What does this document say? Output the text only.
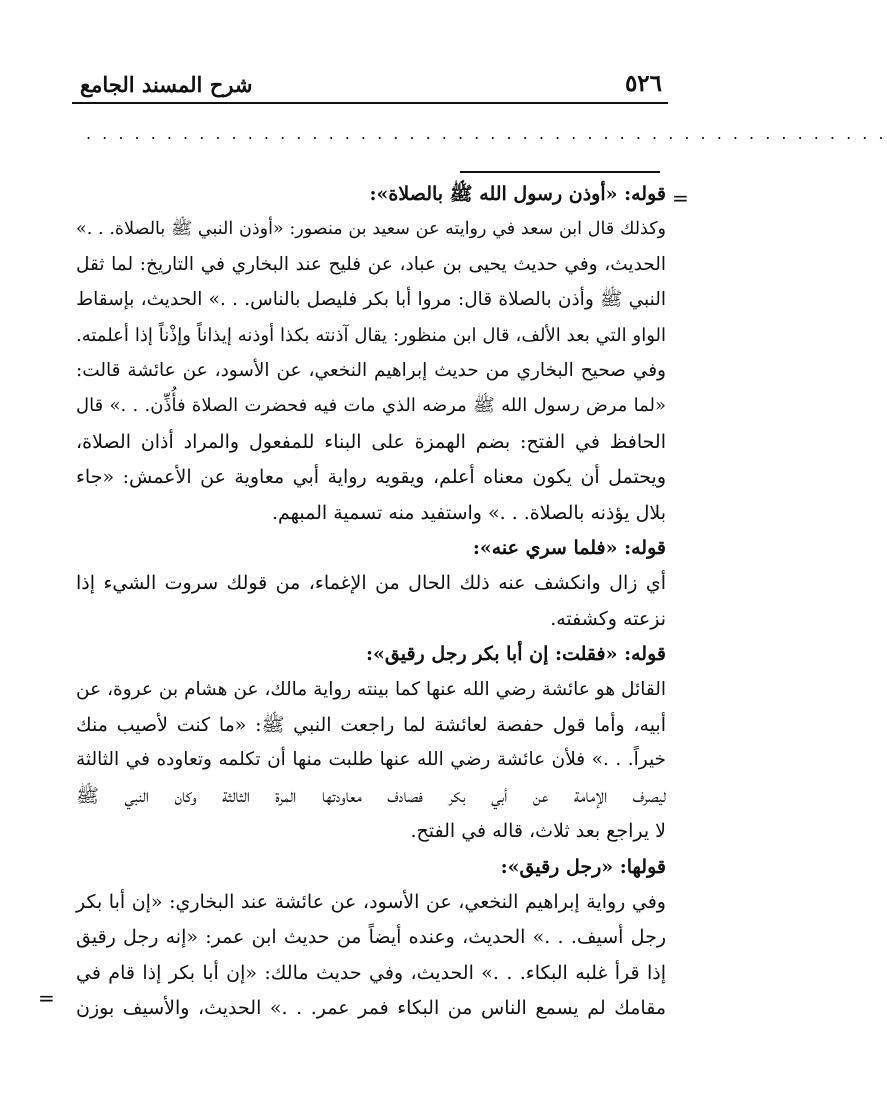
شرح المسند الجامع	٥٢٦
. . . . . . . . . . . . . . . . . . . . . . . . . . . . . . . . . . . . . . . . . . . . . . . . . .
=
=
قوله: «أوذن رسول الله ﷺ بالصلاة»:
وكذلك قال ابن سعد في روايته عن سعيد بن منصور: «أوذن النبي ﷺ بالصلاة. . .»
الحديث، وفي حديث يحيى بن عباد، عن فليح عند البخاري في التاريخ: لما ثقل
النبي ﷺ وأذن بالصلاة قال: مروا أبا بكر فليصل بالناس. . .» الحديث، بإسقاط
الواو التي بعد الألف، قال ابن منظور: يقال آذنته بكذا أوذنه إيذاناً وإذْناً إذا أعلمته.
وفي صحيح البخاري من حديث إبراهيم النخعي، عن الأسود، عن عائشة قالت:
«لما مرض رسول الله ﷺ مرضه الذي مات فيه فحضرت الصلاة فأُذِّن. . .» قال
الحافظ في الفتح: بضم الهمزة على البناء للمفعول والمراد أذان الصلاة،
ويحتمل أن يكون معناه أعلم، ويقويه رواية أبي معاوية عن الأعمش: «جاء
بلال يؤذنه بالصلاة. . .» واستفيد منه تسمية المبهم.
قوله: «فلما سري عنه»:
أي زال وانكشف عنه ذلك الحال من الإغماء، من قولك سروت الشيء إذا
نزعته وكشفته.
قوله: «فقلت: إن أبا بكر رجل رقيق»:
القائل هو عائشة رضي الله عنها كما بينته رواية مالك، عن هشام بن عروة، عن
أبيه، وأما قول حفصة لعائشة لما راجعت النبي ﷺ: «ما كنت لأصيب منك
خيراً. . .» فلأن عائشة رضي الله عنها طلبت منها أن تكلمه وتعاوده في الثالثة
ليصرف الإمامة عن أبي بكر فصادف معاودتها المرة الثالثة وكان النبي ﷺ
لا يراجع بعد ثلاث، قاله في الفتح.
قولها: «رجل رقيق»:
وفي رواية إبراهيم النخعي، عن الأسود، عن عائشة عند البخاري: «إن أبا بكر
رجل أسيف. . .» الحديث، وعنده أيضاً من حديث ابن عمر: «إنه رجل رقيق
إذا قرأ غلبه البكاء. . .» الحديث، وفي حديث مالك: «إن أبا بكر إذا قام في
مقامك لم يسمع الناس من البكاء فمر عمر. . .» الحديث، والأسيف بوزن
